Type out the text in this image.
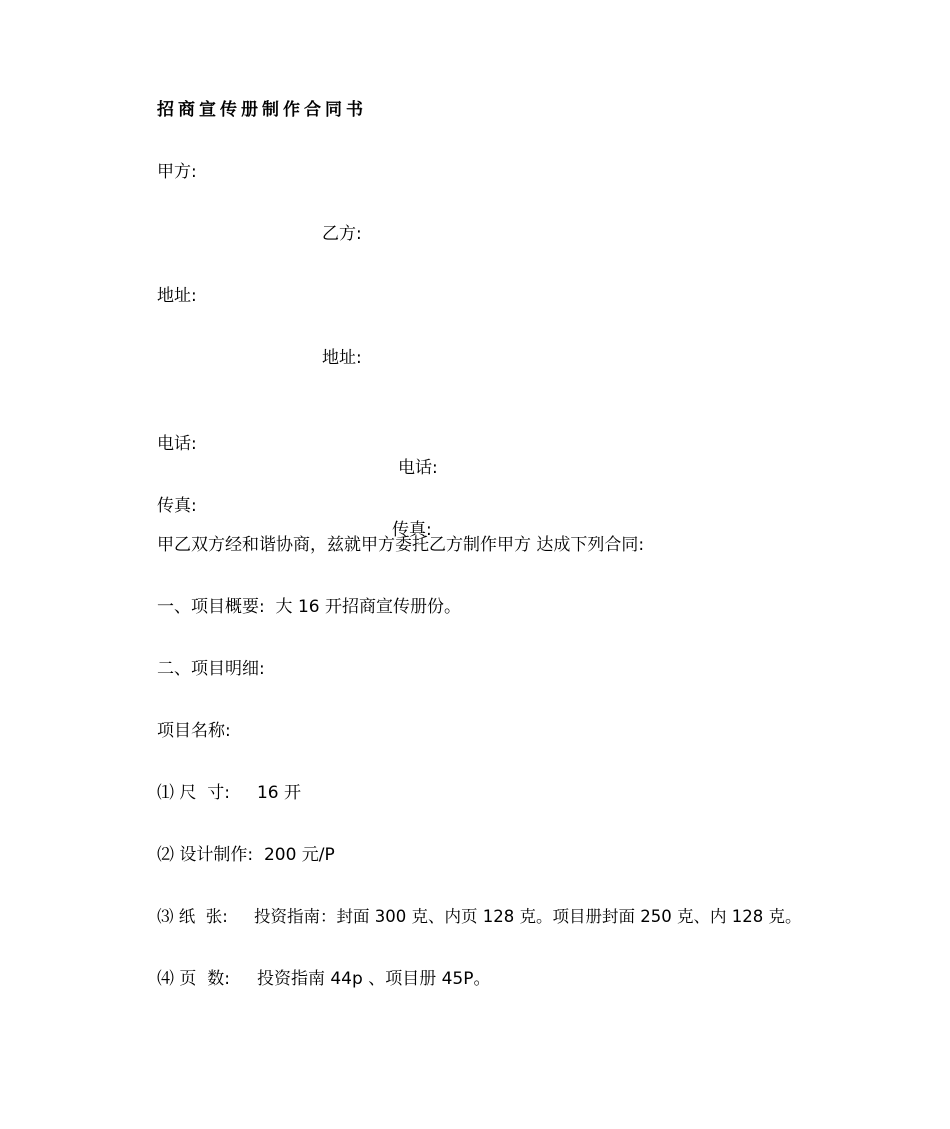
招商宣传册制作合同书
甲方:
乙方:
地址:
地址:

电话:

电话:

传真:

传真:

甲乙双方经和谐协商，兹就甲方委托乙方制作甲方 达成下列合同:
一、项目概要:  大 16 开招商宣传册份。
二、项目明细:
项目名称:
⑴ 尺  寸:     16 开
⑵ 设计制作:  200 元/P
⑶ 纸  张:     投资指南：封面 300 克、内页 128 克。项目册封面 250 克、内 128 克。
⑷ 页  数:     投资指南 44p 、项目册 45P。
